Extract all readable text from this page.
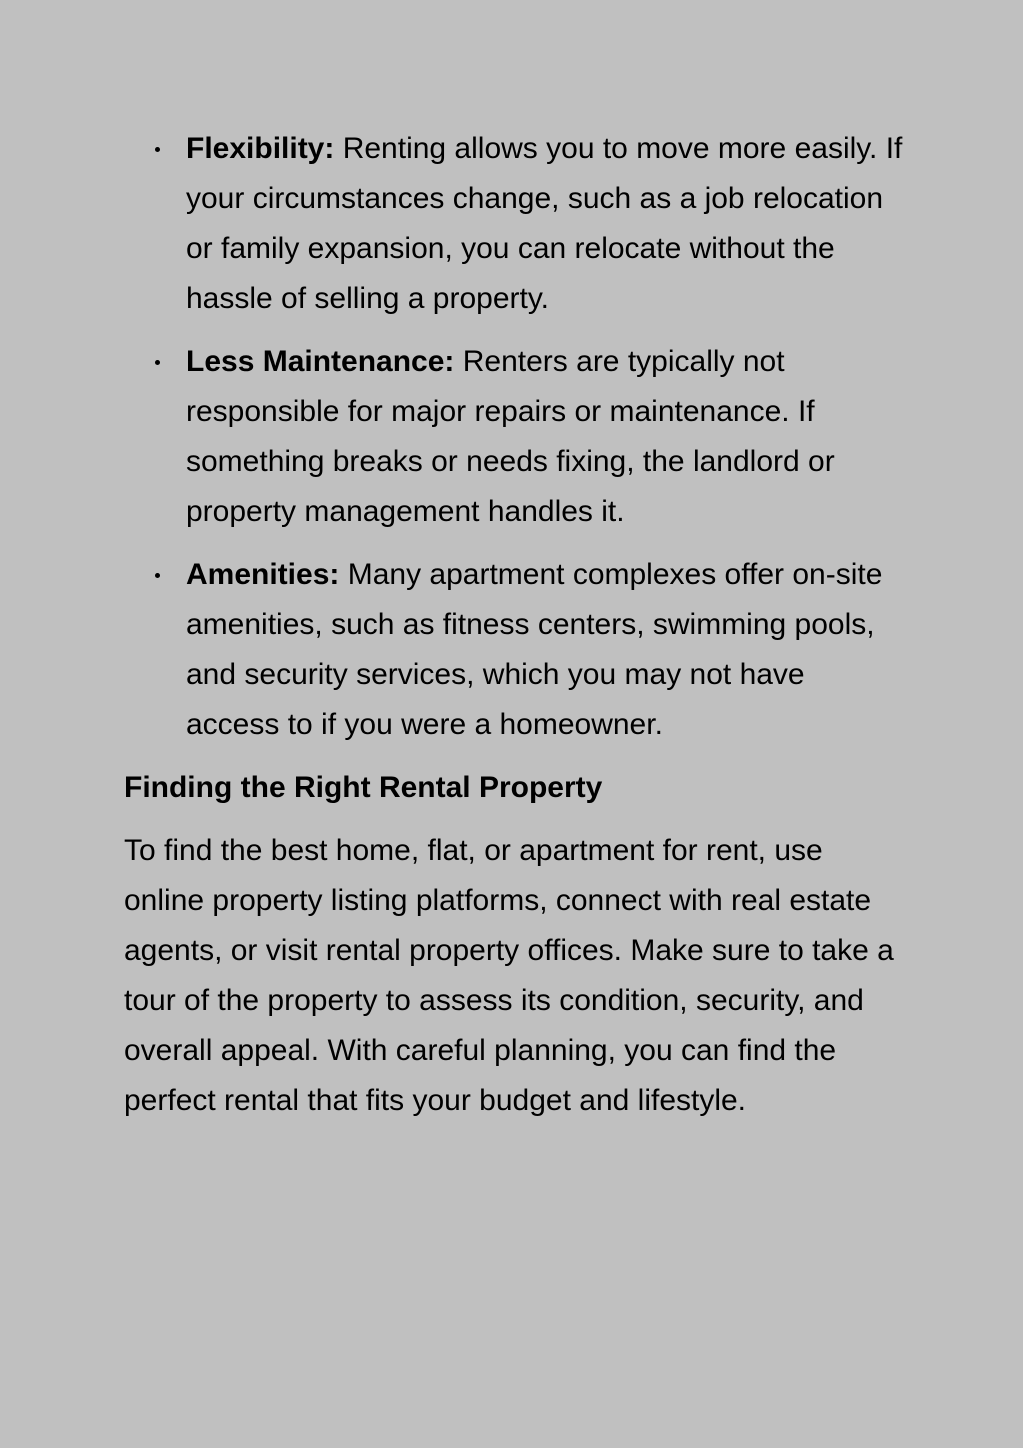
Flexibility: Renting allows you to move more easily. If your circumstances change, such as a job relocation or family expansion, you can relocate without the hassle of selling a property.
Less Maintenance: Renters are typically not responsible for major repairs or maintenance. If something breaks or needs fixing, the landlord or property management handles it.
Amenities: Many apartment complexes offer on-site amenities, such as fitness centers, swimming pools, and security services, which you may not have access to if you were a homeowner.
Finding the Right Rental Property

To find the best home, flat, or apartment for rent, use online property listing platforms, connect with real estate agents, or visit rental property offices. Make sure to take a tour of the property to assess its condition, security, and overall appeal. With careful planning, you can find the perfect rental that fits your budget and lifestyle.
